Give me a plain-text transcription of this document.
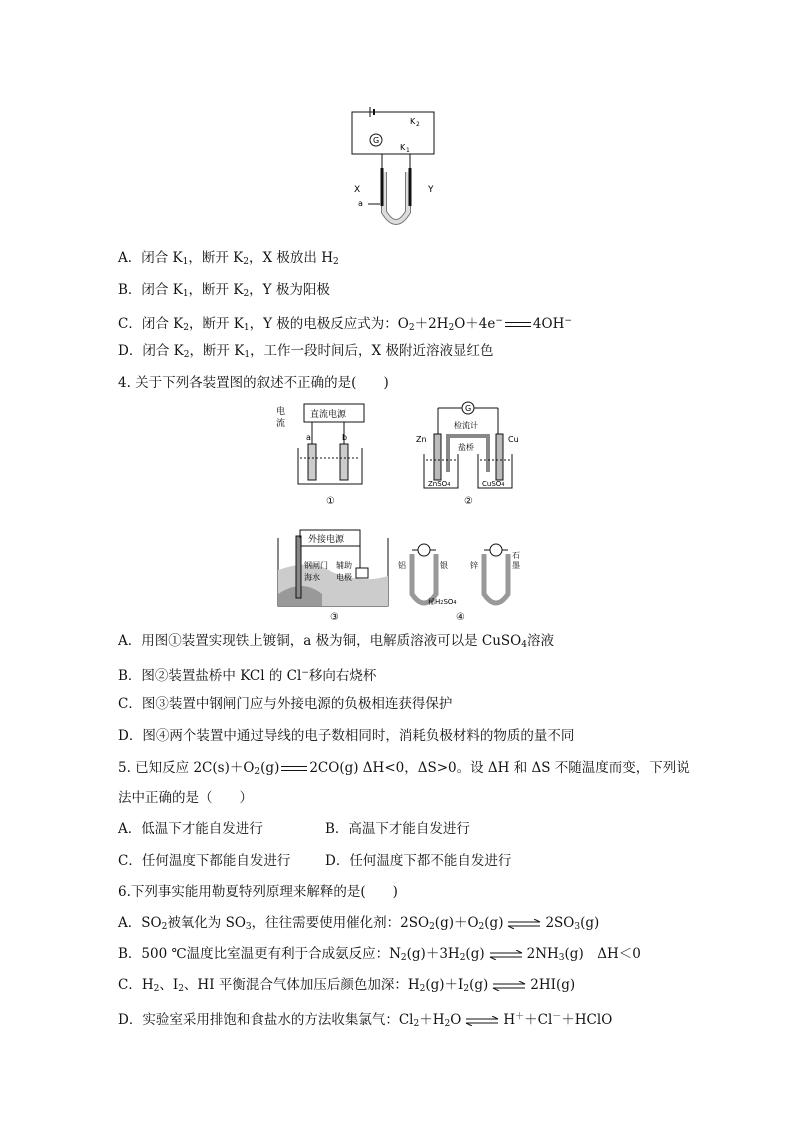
K 2
K 1
G
X	Y
a
A．闭合 $K_1$，断开 $K_2$，X 极放出 $H_2$
B．闭合 $K_1$，断开 $K_2$，Y 极为阳极
C．闭合 $K_2$，断开 $K_1$，Y 极的电极反应式为：$O_2+2H_2O+4e^-$ 4OH−
D．闭合 $K_2$，断开 $K_1$，工作一段时间后，X 极附近溶液显红色
4. 关于下列各装置图的叙述不正确的是(　　)
电
流
直流电源
a	b
①
G
检流计
Zn	Cu
盐桥
ZnSO4	CuSO4
②
外接电源
钢闸门
海水
辅助
电极
③
铝	银	锌
石
墨
稀H2SO4
④
A．用图①装置实现铁上镀铜，a 极为铜，电解质溶液可以是 CuSO$_4$溶液
B．图②装置盐桥中 KCl 的 Cl−移向右烧杯
C．图③装置中钢闸门应与外接电源的负极相连获得保护
D．图④两个装置中通过导线的电子数相同时，消耗负极材料的物质的量不同
5. 已知反应 $2C(s)+O_2(g)$ 2CO(g) ΔH<0，ΔS>0。设 ΔH 和 ΔS 不随温度而变，下列说
法中正确的是（　　）
A．低温下才能自发进行	B．高温下才能自发进行
C．任何温度下都能自发进行	D．任何温度下都不能自发进行
6.下列事实能用勒夏特列原理来解释的是(　　)
A．$SO_2$被氧化为 $SO_3$，往往需要使用催化剂：$2SO_2(g)+O_2(g)$ ⇌ $2SO_3(g)$
B．500 ℃温度比室温更有利于合成氨反应：$N_2(g)+3H_2(g)$ ⇌ $2NH_3(g)$　ΔH＜0
C．$H_2$、$I_2$、HI 平衡混合气体加压后颜色加深：$H_2(g)+I_2(g)$ ⇌ 2HI(g)
D．实验室采用排饱和食盐水的方法收集氯气：$Cl_2+H_2O$ ⇌ H＋＋Cl－＋HClO
